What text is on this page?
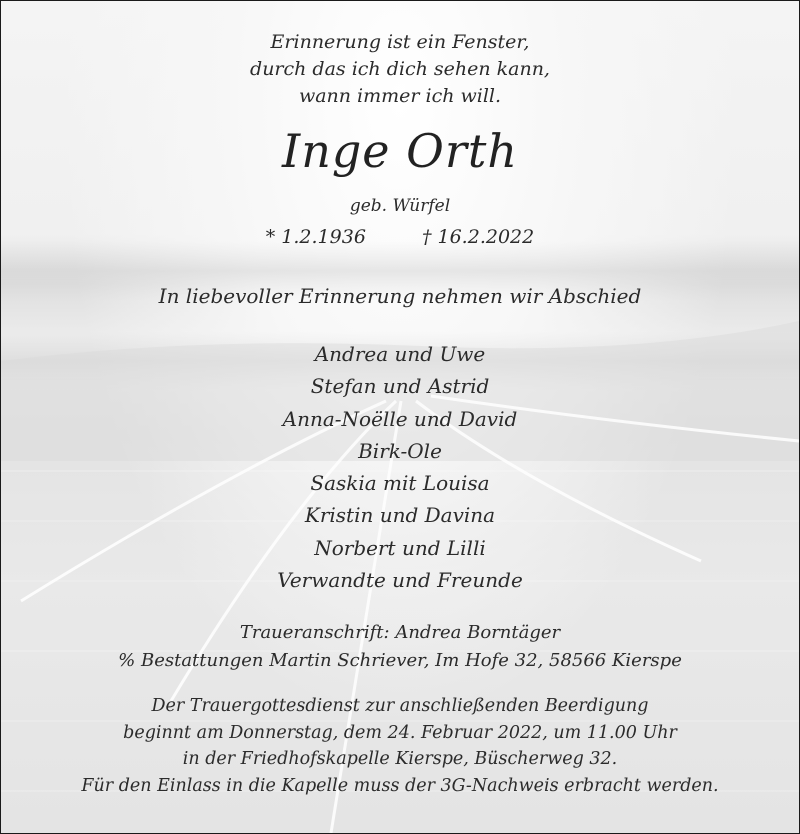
Erinnerung ist ein Fenster,
durch das ich dich sehen kann,
wann immer ich will.
Inge Orth
geb. Würfel
* 1.2.1936	† 16.2.2022
In liebevoller Erinnerung nehmen wir Abschied
Andrea und Uwe
Stefan und Astrid
Anna-Noëlle und David
Birk-Ole
Saskia mit Louisa
Kristin und Davina
Norbert und Lilli
Verwandte und Freunde
Traueranschrift: Andrea Borntäger
% Bestattungen Martin Schriever, Im Hofe 32, 58566 Kierspe
Der Trauergottesdienst zur anschließenden Beerdigung
beginnt am Donnerstag, dem 24. Februar 2022, um 11.00 Uhr
in der Friedhofskapelle Kierspe, Büscherweg 32.
Für den Einlass in die Kapelle muss der 3G-Nachweis erbracht werden.
